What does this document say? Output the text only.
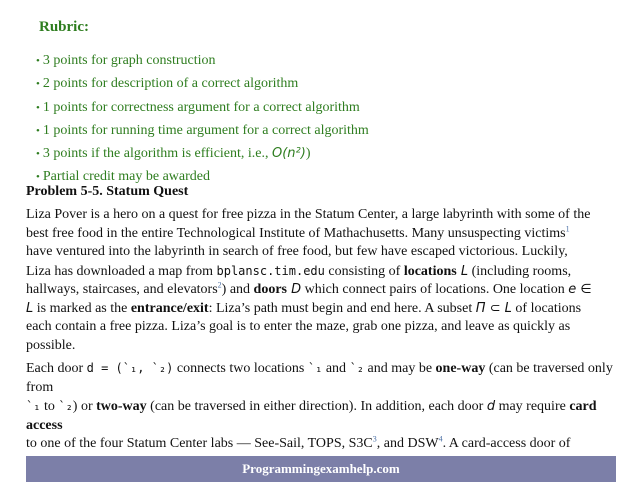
Rubric:
• 3 points for graph construction
• 2 points for description of a correct algorithm
• 1 points for correctness argument for a correct algorithm
• 1 points for running time argument for a correct algorithm
• 3 points if the algorithm is efficient, i.e., O(n²))
• Partial credit may be awarded
Problem 5-5. Statum Quest

Liza Pover is a hero on a quest for free pizza in the Statum Center, a large labyrinth with some of the
best free food in the entire Technological Institute of Mathachusetts. Many unsuspecting victims$^1$
have ventured into the labyrinth in search of free food, but few have escaped victorious. Luckily,
Liza has downloaded a map from bplansc.tim.edu consisting of locations L (including rooms,
hallways, staircases, and elevators$^2$) and doors D which connect pairs of locations. One location e ∈
L is marked as the entrance/exit: Liza’s path must begin and end here. A subset Π ⊂ L of locations
each contain a free pizza. Liza’s goal is to enter the maze, grab one pizza, and leave as quickly as
possible.

Each door d = (`₁, `₂) connects two locations `₁ and `₂ and may be one-way (can be traversed only
from
`₁ to `₂) or two-way (can be traversed in either direction). In addition, each door d may require card
access
to one of the four Statum Center labs — See-Sail, TOPS, $S3C^3$, and DSW$^4$. A card-access door of

Programmingexamhelp.com
